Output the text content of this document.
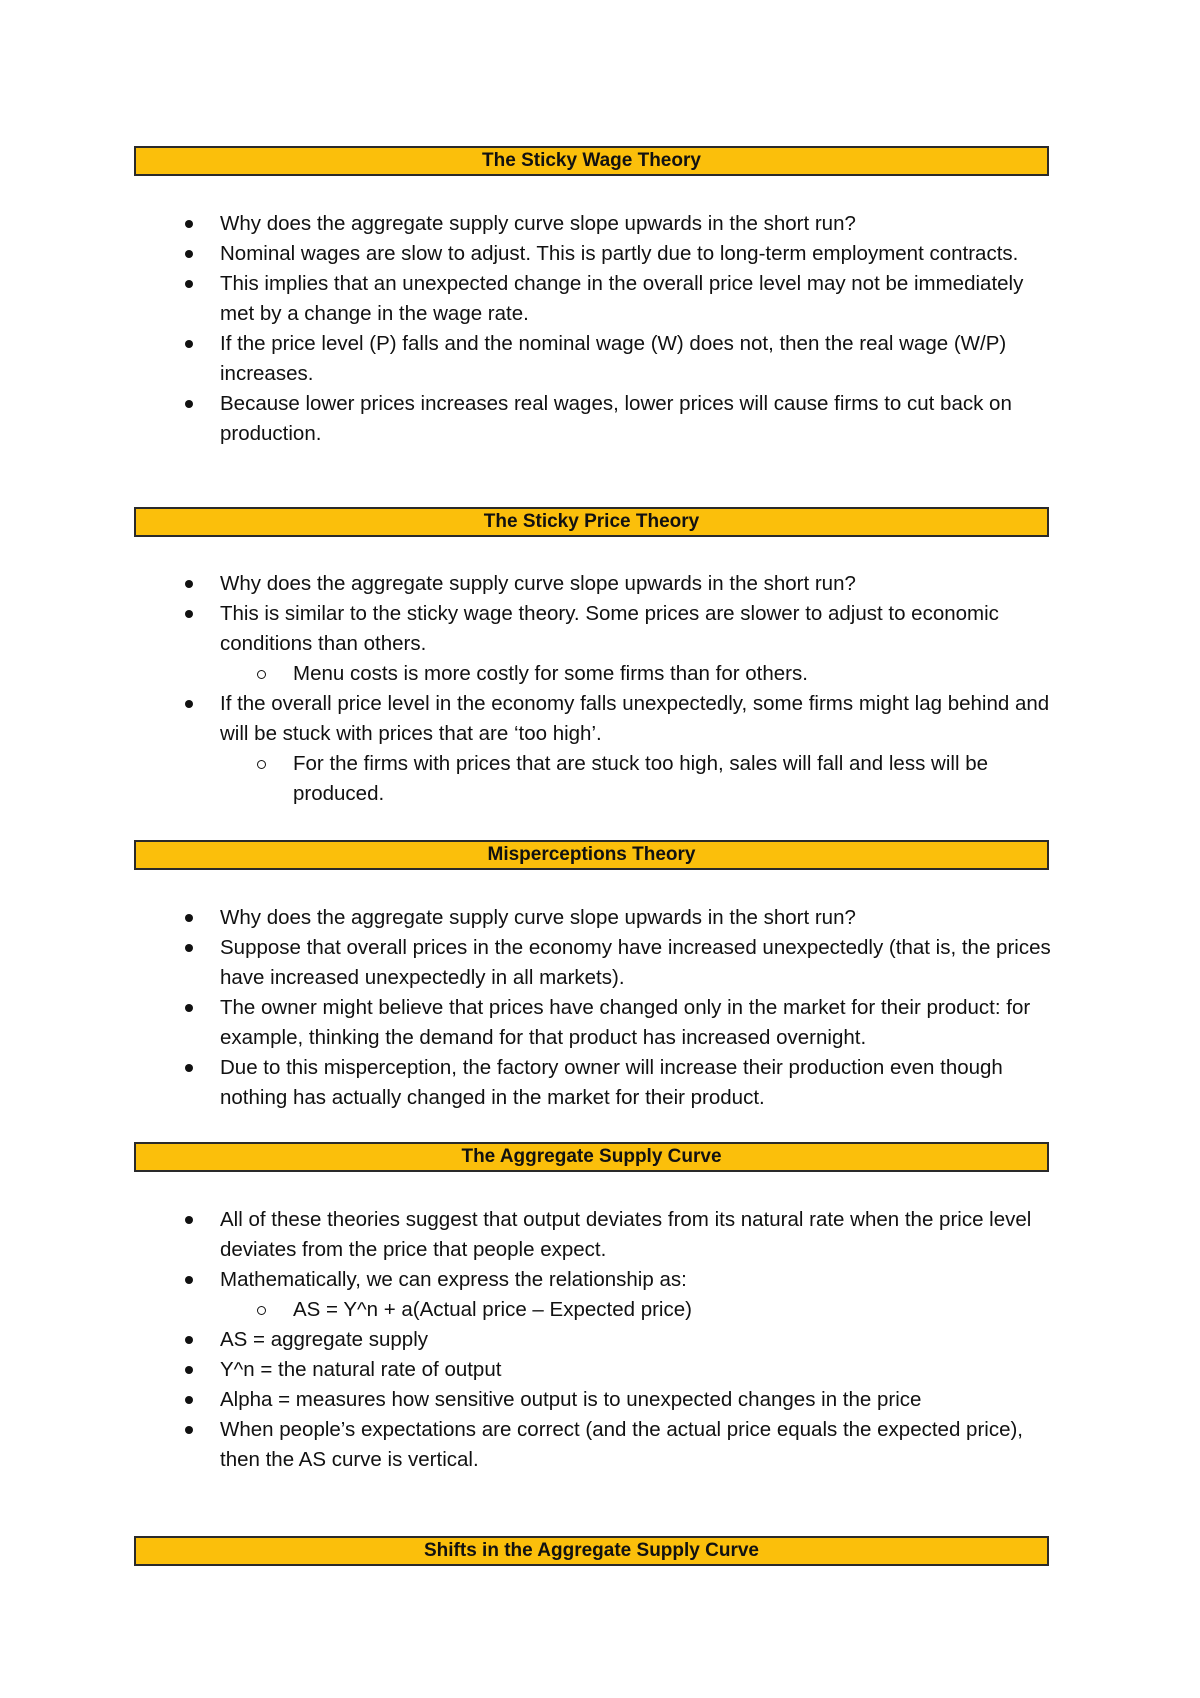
The Sticky Wage Theory
Why does the aggregate supply curve slope upwards in the short run?
Nominal wages are slow to adjust. This is partly due to long-term employment contracts.
This implies that an unexpected change in the overall price level may not be immediately met by a change in the wage rate.
If the price level (P) falls and the nominal wage (W) does not, then the real wage (W/P) increases.
Because lower prices increases real wages, lower prices will cause firms to cut back on production.
The Sticky Price Theory
Why does the aggregate supply curve slope upwards in the short run?
This is similar to the sticky wage theory. Some prices are slower to adjust to economic conditions than others.
Menu costs is more costly for some firms than for others.
If the overall price level in the economy falls unexpectedly, some firms might lag behind and will be stuck with prices that are ‘too high’.
For the firms with prices that are stuck too high, sales will fall and less will be produced.
Misperceptions Theory
Why does the aggregate supply curve slope upwards in the short run?
Suppose that overall prices in the economy have increased unexpectedly (that is, the prices have increased unexpectedly in all markets).
The owner might believe that prices have changed only in the market for their product: for example, thinking the demand for that product has increased overnight.
Due to this misperception, the factory owner will increase their production even though nothing has actually changed in the market for their product.
The Aggregate Supply Curve
All of these theories suggest that output deviates from its natural rate when the price level deviates from the price that people expect.
Mathematically, we can express the relationship as:
AS = Y^n + a(Actual price – Expected price)
AS = aggregate supply
Y^n = the natural rate of output
Alpha = measures how sensitive output is to unexpected changes in the price
When people’s expectations are correct (and the actual price equals the expected price), then the AS curve is vertical.
Shifts in the Aggregate Supply Curve
